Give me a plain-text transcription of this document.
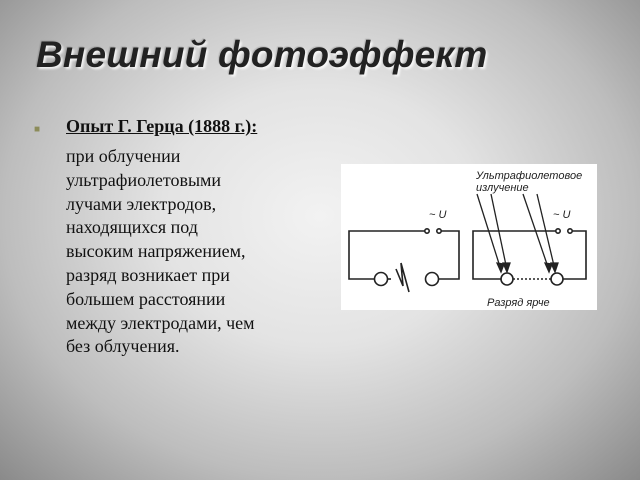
Внешний фотоэффект
■ Опыт Г. Герца (1888 г.):
при облучении
ультрафиолетовыми
лучами электродов,
находящихся под
высоким напряжением,
разряд возникает при
большем расстоянии
между электродами, чем
без облучения.
~ U	~ U
Ультрафиолетовое
излучение
Разряд ярче
